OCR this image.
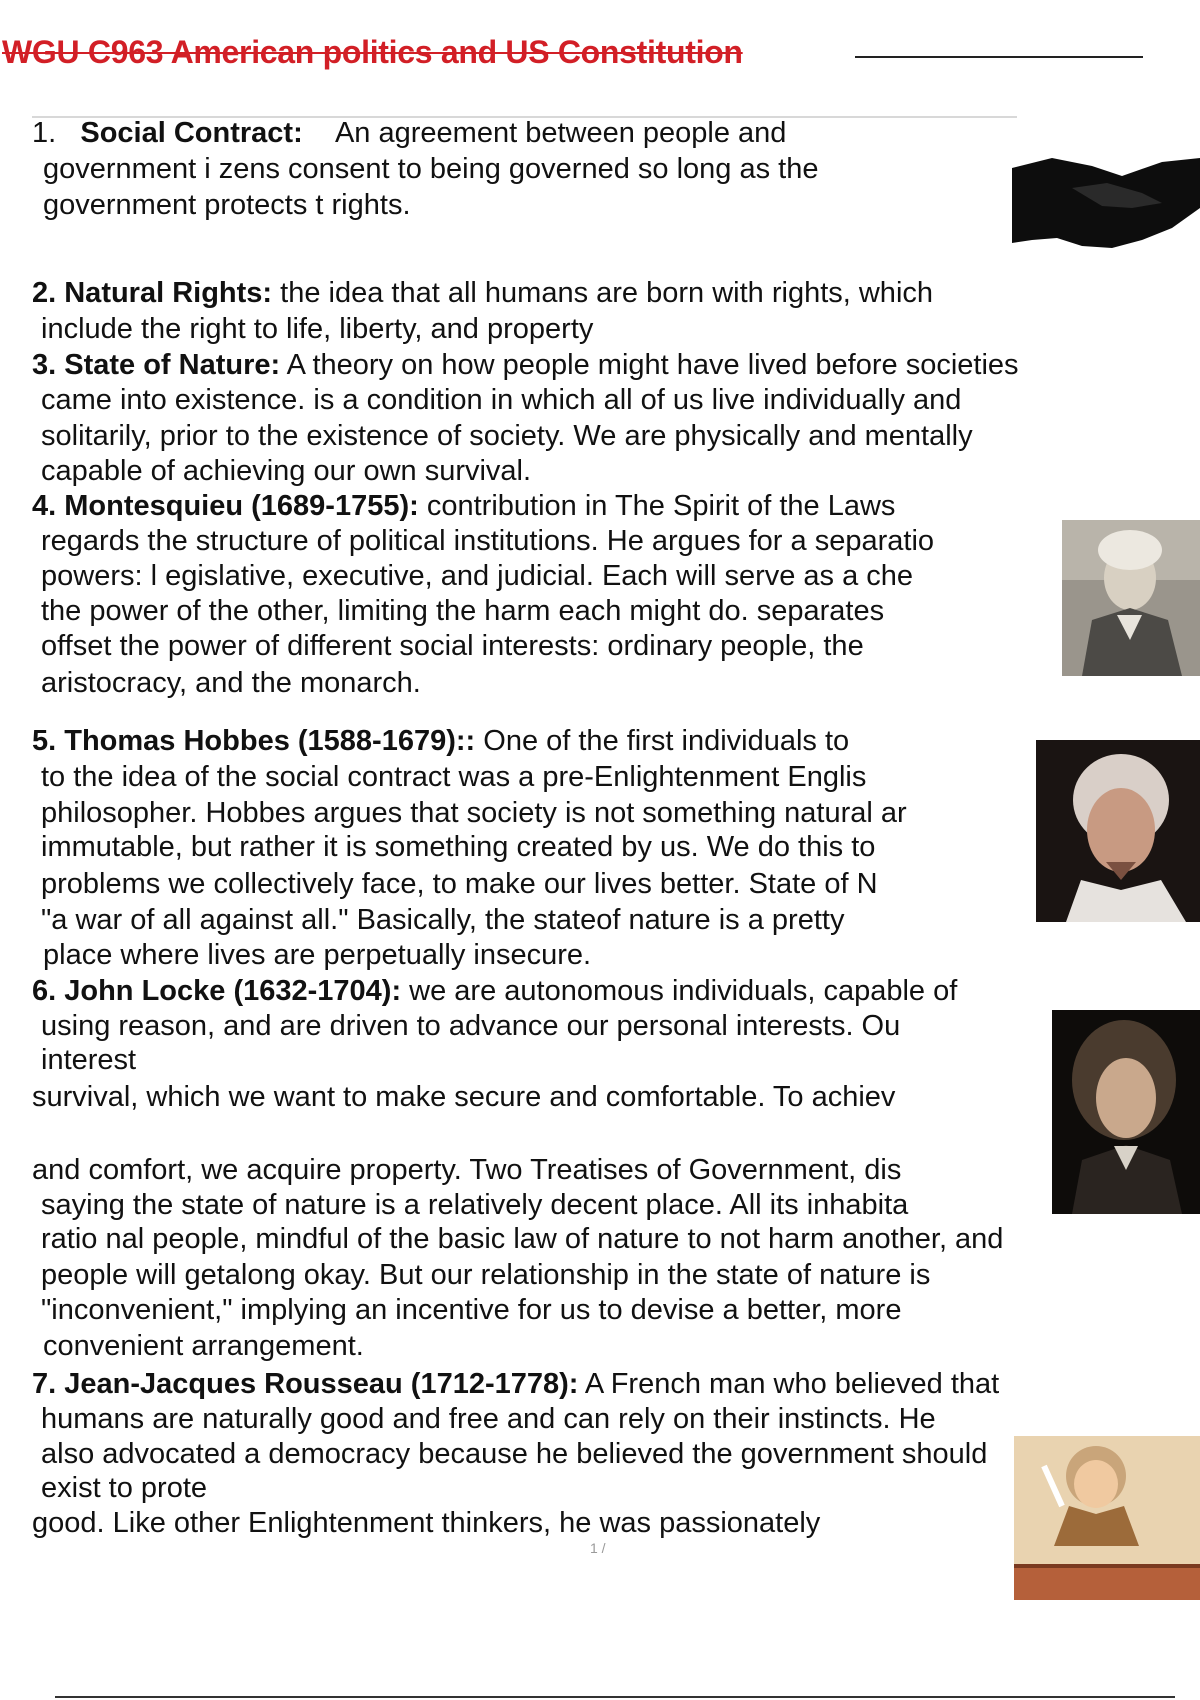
WGU C963 American politics and US Constitution

1. Social Contract: An agreement between people and

government i zens consent to being governed so long as the

government protects t rights.

2. Natural Rights: the idea that all humans are born with rights, which

include the right to life, liberty, and property

3. State of Nature: A theory on how people might have lived before societies

came into existence. is a condition in which all of us live individually and

solitarily, prior to the existence of society. We are physically and mentally

capable of achieving our own survival.

4. Montesquieu (1689-1755): contribution in The Spirit of the Laws

regards the structure of political institutions. He argues for a separatio

powers: l egislative, executive, and judicial. Each will serve as a che

the power of the other, limiting the harm each might do. separates

offset the power of different social interests: ordinary people, the

aristocracy, and the monarch.

5. Thomas Hobbes (1588-1679):: One of the first individuals to

to the idea of the social contract was a pre-Enlightenment Englis

philosopher. Hobbes argues that society is not something natural ar

immutable, but rather it is something created by us. We do this to

problems we collectively face, to make our lives better. State of N

"a war of all against all." Basically, the stateof nature is a pretty

place where lives are perpetually insecure.

6. John Locke (1632-1704): we are autonomous individuals, capable of

using reason, and are driven to advance our personal interests. Ou

interest

survival, which we want to make secure and comfortable. To achiev

and comfort, we acquire property. Two Treatises of Government, dis

saying the state of nature is a relatively decent place. All its inhabita

ratio nal people, mindful of the basic law of nature to not harm another, and

people will getalong okay. But our relationship in the state of nature is

"inconvenient," implying an incentive for us to devise a better, more

convenient arrangement.

7. Jean-Jacques Rousseau (1712-1778): A French man who believed that

humans are naturally good and free and can rely on their instincts. He

also advocated a democracy because he believed the government should

exist to prote

good. Like other Enlightenment thinkers, he was passionately

1 /
